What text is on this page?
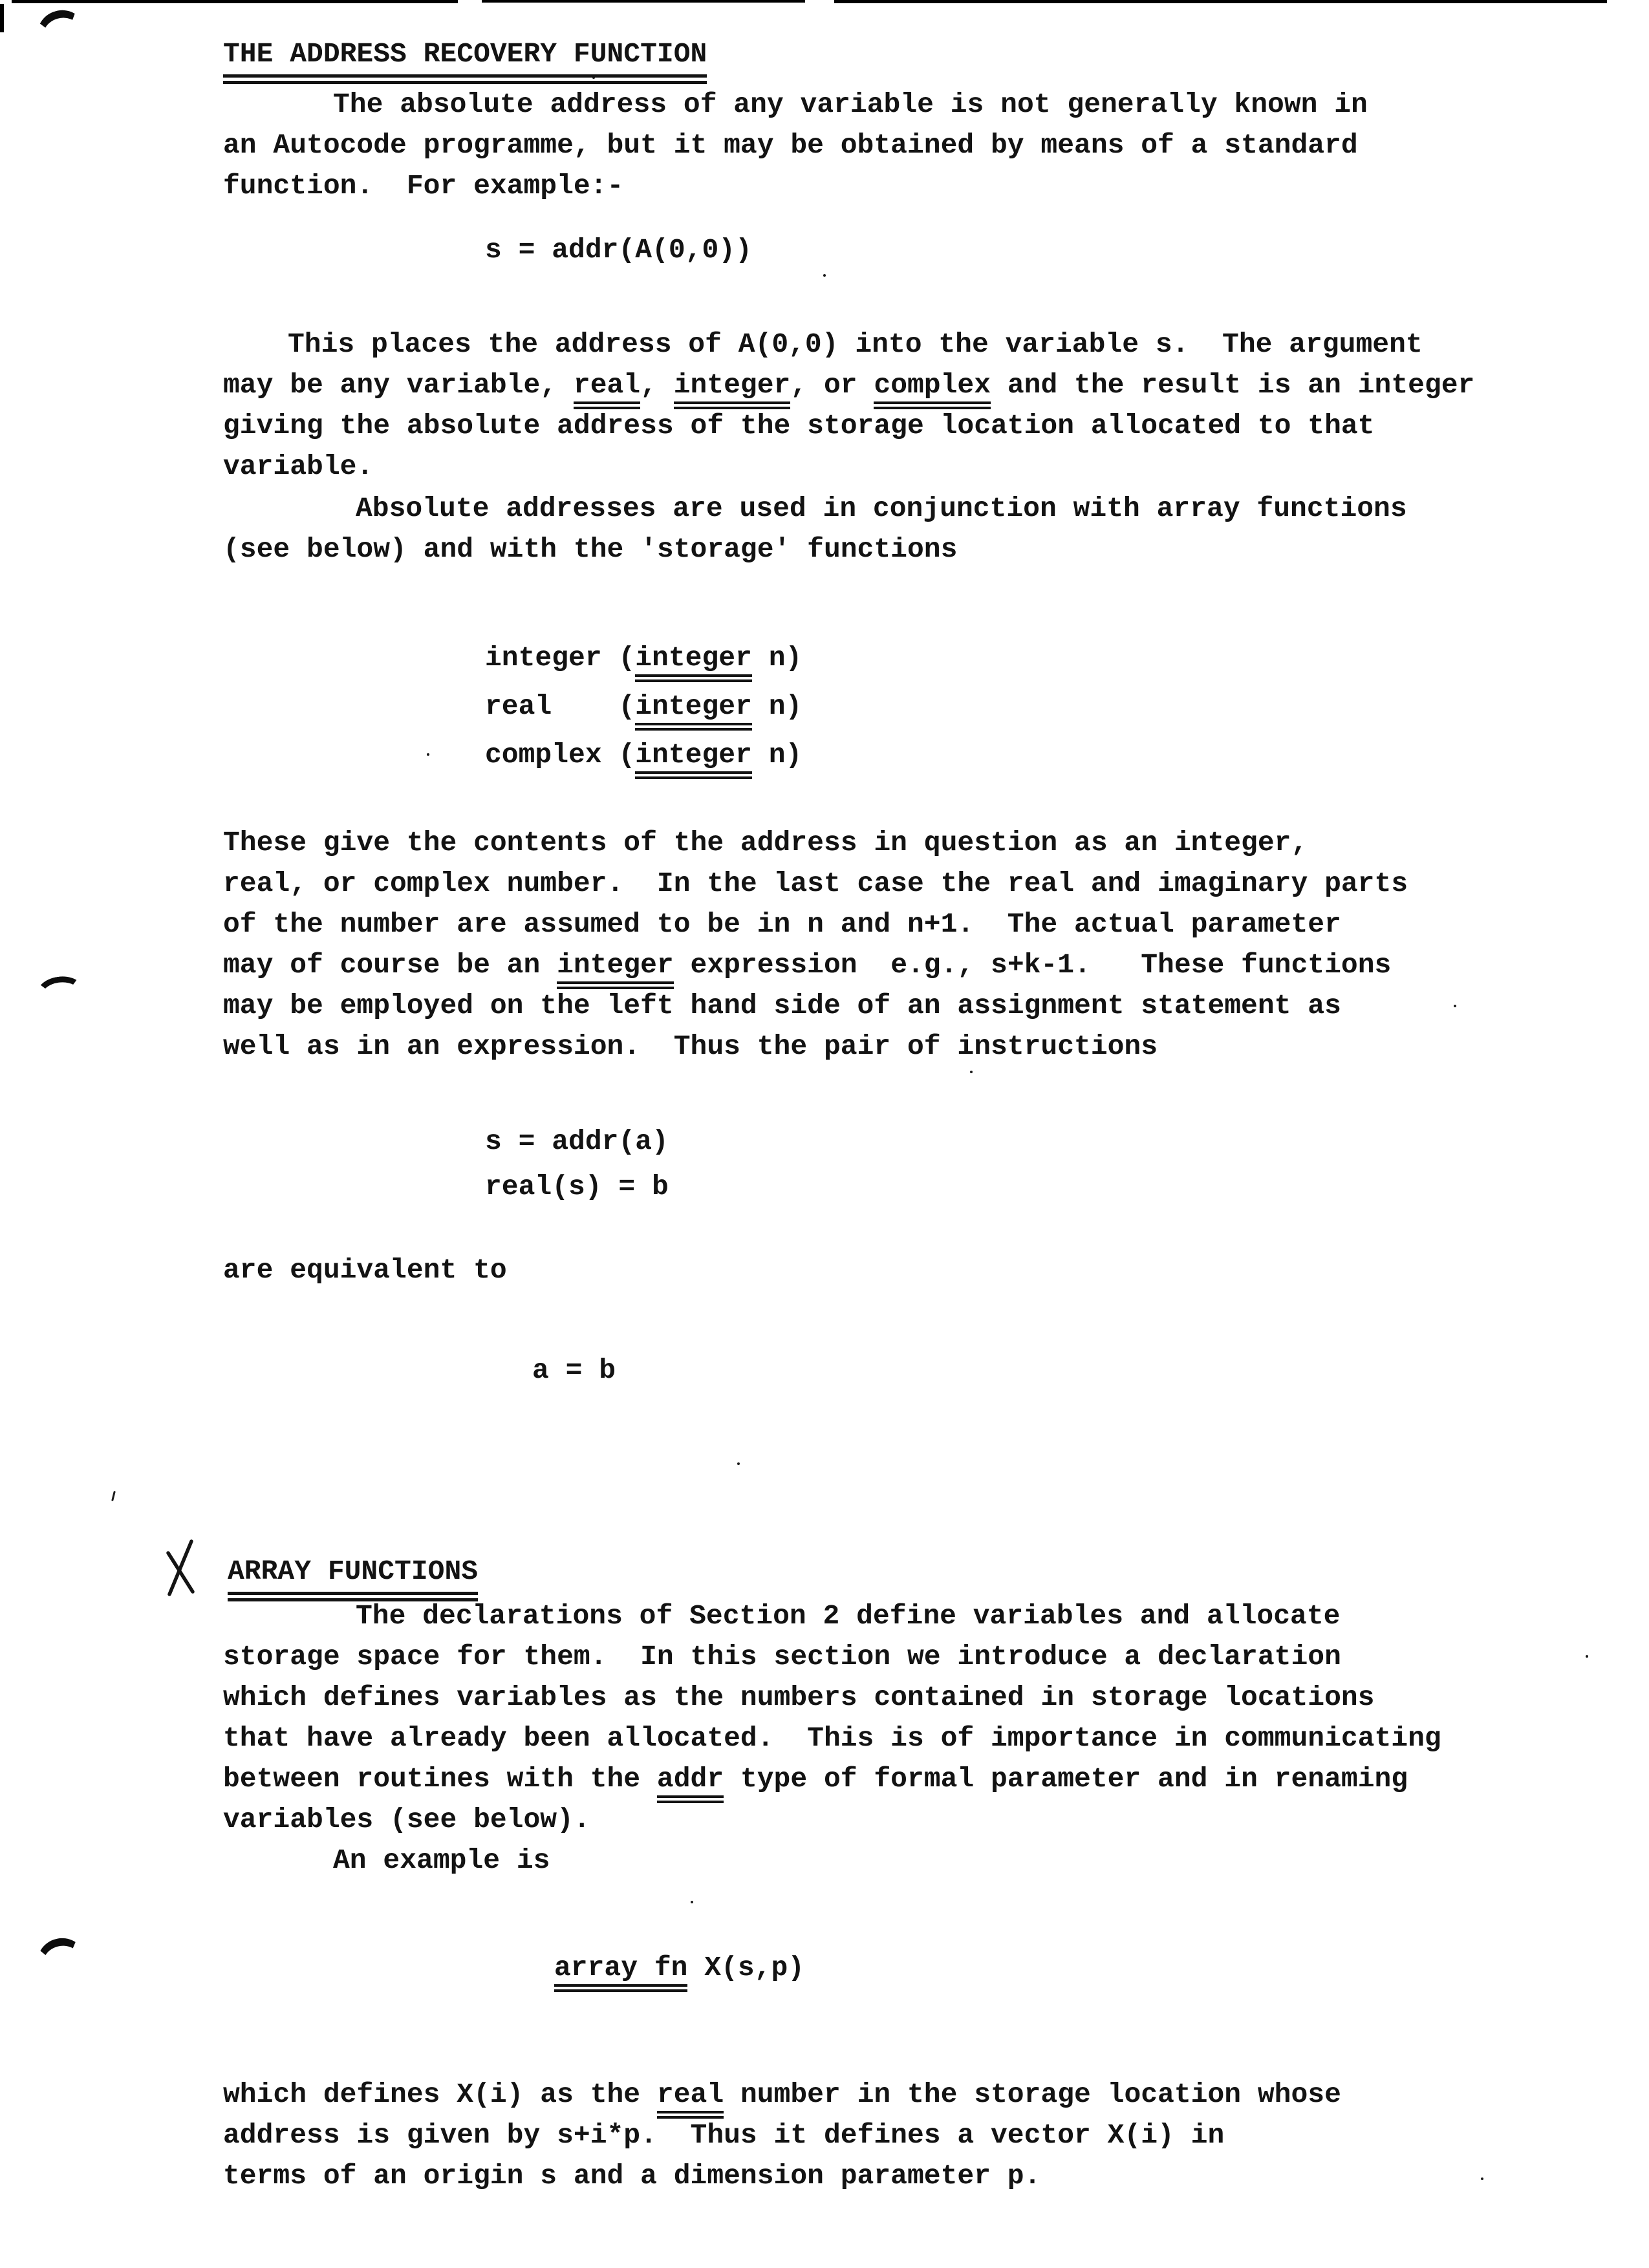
THE ADDRESS RECOVERY FUNCTION
The absolute address of any variable is not generally known in
an Autocode programme, but it may be obtained by means of a standard
function.  For example:-
s = addr(A(0,0))
This places the address of A(0,0) into the variable s.  The argument
may be any variable, real, integer, or complex and the result is an integer
giving the absolute address of the storage location allocated to that
variable.
Absolute addresses are used in conjunction with array functions
(see below) and with the 'storage' functions
integer (integer n)
real    (integer n)
complex (integer n)
These give the contents of the address in question as an integer,
real, or complex number.  In the last case the real and imaginary parts
of the number are assumed to be in n and n+1.  The actual parameter
may of course be an integer expression  e.g., s+k-1.   These functions
may be employed on the left hand side of an assignment statement as
well as in an expression.  Thus the pair of instructions
s = addr(a)
real(s) = b
are equivalent to
a = b
ARRAY FUNCTIONS
The declarations of Section 2 define variables and allocate
storage space for them.  In this section we introduce a declaration
which defines variables as the numbers contained in storage locations
that have already been allocated.  This is of importance in communicating
between routines with the addr type of formal parameter and in renaming
variables (see below).
An example is
array fn X(s,p)
which defines X(i) as the real number in the storage location whose
address is given by s+i*p.  Thus it defines a vector X(i) in
terms of an origin s and a dimension parameter p.
